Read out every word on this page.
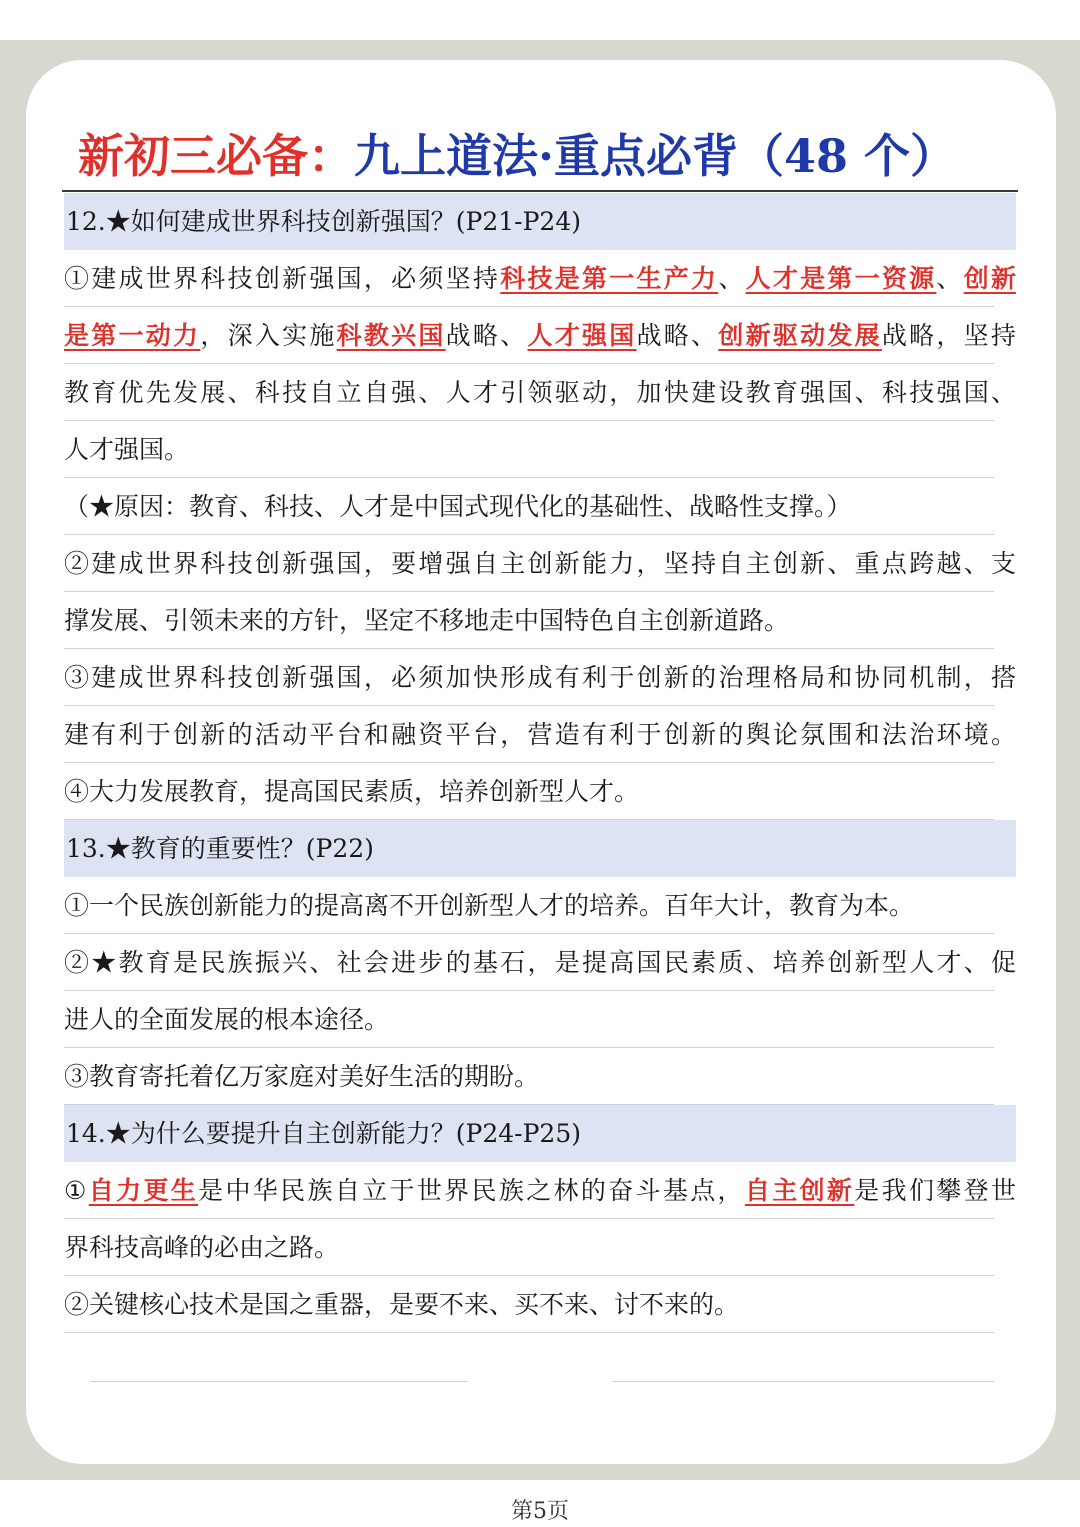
新初三必备：九上道法·重点必背（48 个）
12.★如何建成世界科技创新强国？(P21-P24)
①建成世界科技创新强国，必须坚持科技是第一生产力、人才是第一资源、创新
是第一动力，深入实施科教兴国战略、人才强国战略、创新驱动发展战略，坚持
教育优先发展、科技自立自强、人才引领驱动，加快建设教育强国、科技强国、
人才强国。
（★原因：教育、科技、人才是中国式现代化的基础性、战略性支撑。）
②建成世界科技创新强国，要增强自主创新能力，坚持自主创新、重点跨越、支
撑发展、引领未来的方针，坚定不移地走中国特色自主创新道路。
③建成世界科技创新强国，必须加快形成有利于创新的治理格局和协同机制，搭
建有利于创新的活动平台和融资平台，营造有利于创新的舆论氛围和法治环境。
④大力发展教育，提高国民素质，培养创新型人才。
13.★教育的重要性？(P22)
①一个民族创新能力的提高离不开创新型人才的培养。百年大计，教育为本。
②★教育是民族振兴、社会进步的基石，是提高国民素质、培养创新型人才、促
进人的全面发展的根本途径。
③教育寄托着亿万家庭对美好生活的期盼。
14.★为什么要提升自主创新能力？(P24-P25)
①自力更生是中华民族自立于世界民族之林的奋斗基点，自主创新是我们攀登世
界科技高峰的必由之路。
②关键核心技术是国之重器，是要不来、买不来、讨不来的。
第5页
